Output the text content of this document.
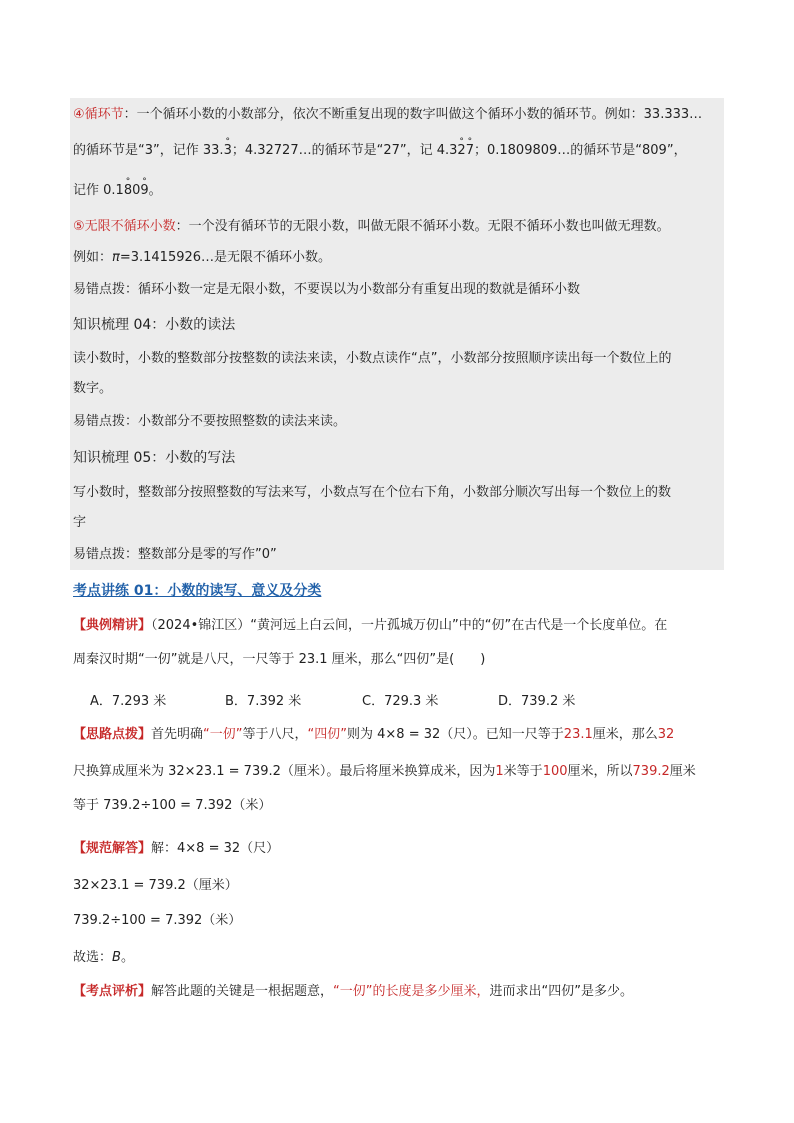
④循环节：一个循环小数的小数部分，依次不断重复出现的数字叫做这个循环小数的循环节。例如：33.333…
的循环节是“3”，记作 33.° 3；4.32727…的循环节是“27”，记 4.3° 2° 7；0.1809809…的循环节是“809”，
记作 0.1° 80° 9。
⑤无限不循环小数：一个没有循环节的无限小数，叫做无限不循环小数。无限不循环小数也叫做无理数。
例如：π=3.1415926…是无限不循环小数。
易错点拨：循环小数一定是无限小数，不要误以为小数部分有重复出现的数就是循环小数
知识梳理 04：小数的读法
读小数时，小数的整数部分按整数的读法来读，小数点读作“点”，小数部分按照顺序读出每一个数位上的
数字。
易错点拨：小数部分不要按照整数的读法来读。
知识梳理 05：小数的写法
写小数时，整数部分按照整数的写法来写，小数点写在个位右下角，小数部分顺次写出每一个数位上的数
字
易错点拨：整数部分是零的写作”0”
考点讲练 01：小数的读写、意义及分类
【典例精讲】（2024•锦江区）“黄河远上白云间，一片孤城万仞山”中的“仞”在古代是一个长度单位。在
周秦汉时期“一仞”就是八尺，一尺等于 23.1 厘米，那么“四仞”是(　　)
A．7.293 米	B．7.392 米	C．729.3 米	D．739.2 米
【思路点拨】首先明确“一仞”等于八尺，“四仞”则为 4×8 = 32（尺）。已知一尺等于23.1厘米，那么32
尺换算成厘米为 32×23.1 = 739.2（厘米）。最后将厘米换算成米，因为1米等于100厘米，所以739.2厘米
等于 739.2÷100 = 7.392（米）
【规范解答】解：4×8 = 32（尺）
32×23.1 = 739.2（厘米）
739.2÷100 = 7.392（米）
故选：B。
【考点评析】解答此题的关键是一根据题意，“一仞”的长度是多少厘米，进而求出“四仞”是多少。
